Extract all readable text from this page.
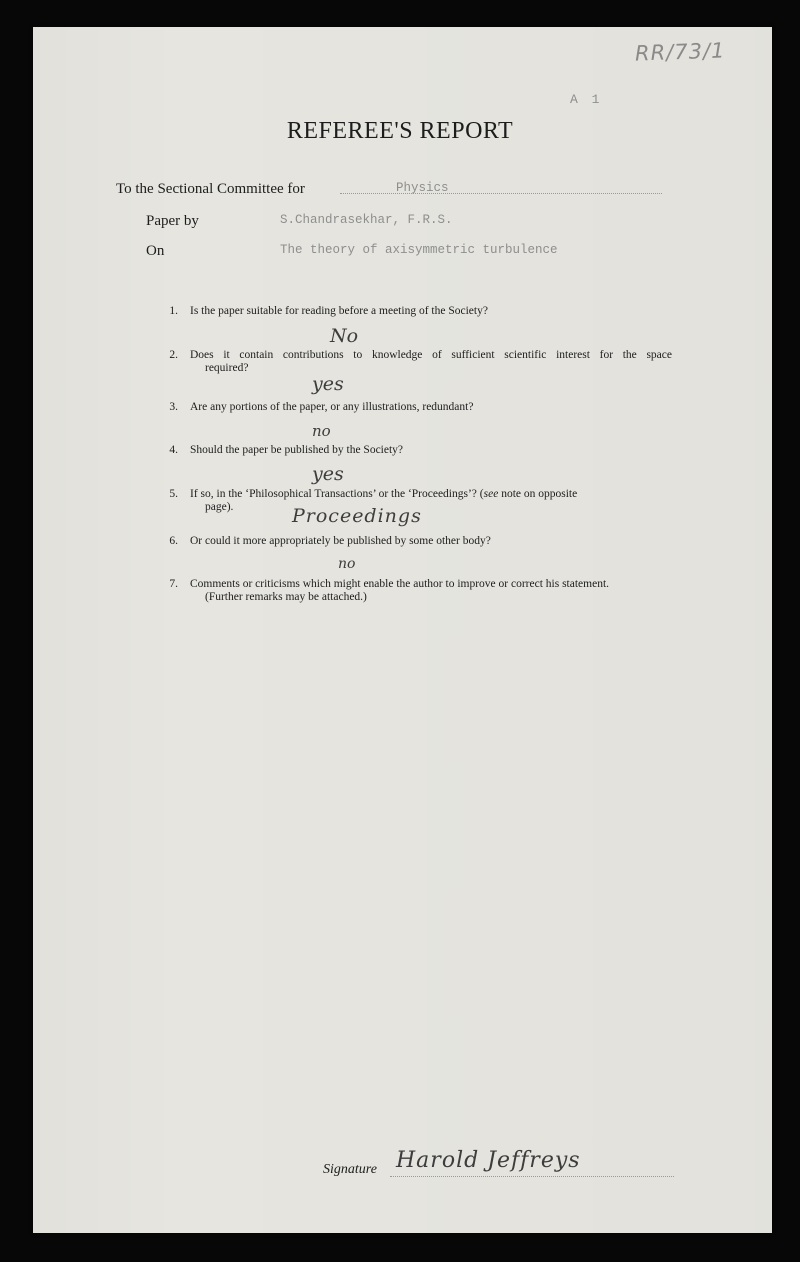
RR/73/1
A 1
REFEREE'S REPORT
To the Sectional Committee for	Physics
Paper by	S.Chandrasekhar, F.R.S.
On	The theory of axisymmetric turbulence
1. Is the paper suitable for reading before a meeting of the Society?
No
2. Does it contain contributions to knowledge of sufficient scientific interest for the space
required?
yes
3. Are any portions of the paper, or any illustrations, redundant?
no
4. Should the paper be published by the Society?
yes
5. If so, in the ‘Philosophical Transactions’ or the ‘Proceedings’? (see note on opposite
page).	Proceedings
6. Or could it more appropriately be published by some other body?
no
7. Comments or criticisms which might enable the author to improve or correct his statement.
(Further remarks may be attached.)
Signature Harold Jeffreys
